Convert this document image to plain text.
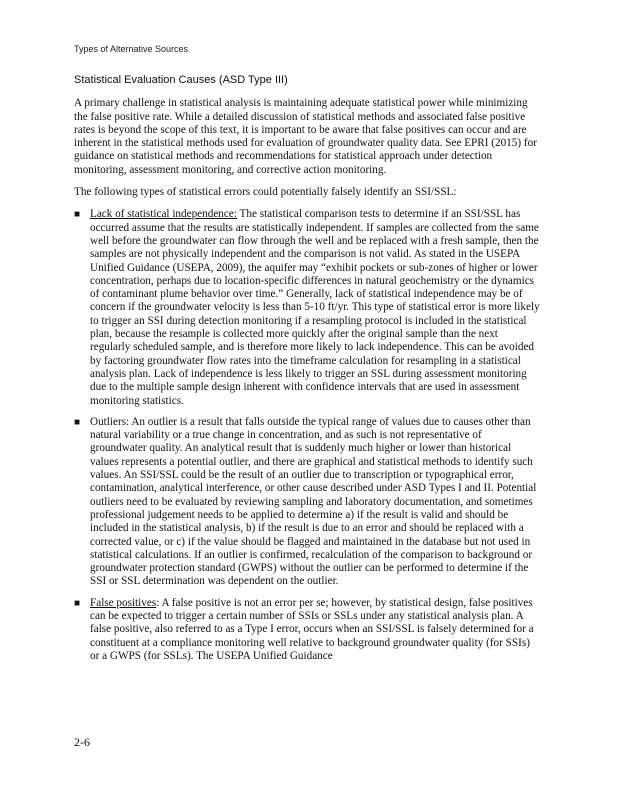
Types of Alternative Sources
Statistical Evaluation Causes (ASD Type III)

A primary challenge in statistical analysis is maintaining adequate statistical power while minimizing the false positive rate. While a detailed discussion of statistical methods and associated false positive rates is beyond the scope of this text, it is important to be aware that false positives can occur and are inherent in the statistical methods used for evaluation of groundwater quality data. See EPRI (2015) for guidance on statistical methods and recommendations for statistical approach under detection monitoring, assessment monitoring, and corrective action monitoring.

The following types of statistical errors could potentially falsely identify an SSI/SSL:

■ Lack of statistical independence: The statistical comparison tests to determine if an SSI/SSL has occurred assume that the results are statistically independent. If samples are collected from the same well before the groundwater can flow through the well and be replaced with a fresh sample, then the samples are not physically independent and the comparison is not valid. As stated in the USEPA Unified Guidance (USEPA, 2009), the aquifer may “exhibit pockets or sub-zones of higher or lower concentration, perhaps due to location-specific differences in natural geochemistry or the dynamics of contaminant plume behavior over time.” Generally, lack of statistical independence may be of concern if the groundwater velocity is less than 5-10 ft/yr. This type of statistical error is more likely to trigger an SSI during detection monitoring if a resampling protocol is included in the statistical plan, because the resample is collected more quickly after the original sample than the next regularly scheduled sample, and is therefore more likely to lack independence. This can be avoided by factoring groundwater flow rates into the timeframe calculation for resampling in a statistical analysis plan. Lack of independence is less likely to trigger an SSL during assessment monitoring due to the multiple sample design inherent with confidence intervals that are used in assessment monitoring statistics.
■ Outliers: An outlier is a result that falls outside the typical range of values due to causes other than natural variability or a true change in concentration, and as such is not representative of groundwater quality. An analytical result that is suddenly much higher or lower than historical values represents a potential outlier, and there are graphical and statistical methods to identify such values. An SSI/SSL could be the result of an outlier due to transcription or typographical error, contamination, analytical interference, or other cause described under ASD Types I and II. Potential outliers need to be evaluated by reviewing sampling and laboratory documentation, and sometimes professional judgement needs to be applied to determine a) if the result is valid and should be included in the statistical analysis, b) if the result is due to an error and should be replaced with a corrected value, or c) if the value should be flagged and maintained in the database but not used in statistical calculations. If an outlier is confirmed, recalculation of the comparison to background or groundwater protection standard (GWPS) without the outlier can be performed to determine if the SSI or SSL determination was dependent on the outlier.
■ False positives: A false positive is not an error per se; however, by statistical design, false positives can be expected to trigger a certain number of SSIs or SSLs under any statistical analysis plan. A false positive, also referred to as a Type I error, occurs when an SSI/SSL is falsely determined for a constituent at a compliance monitoring well relative to background groundwater quality (for SSIs) or a GWPS (for SSLs). The USEPA Unified Guidance
2-6
